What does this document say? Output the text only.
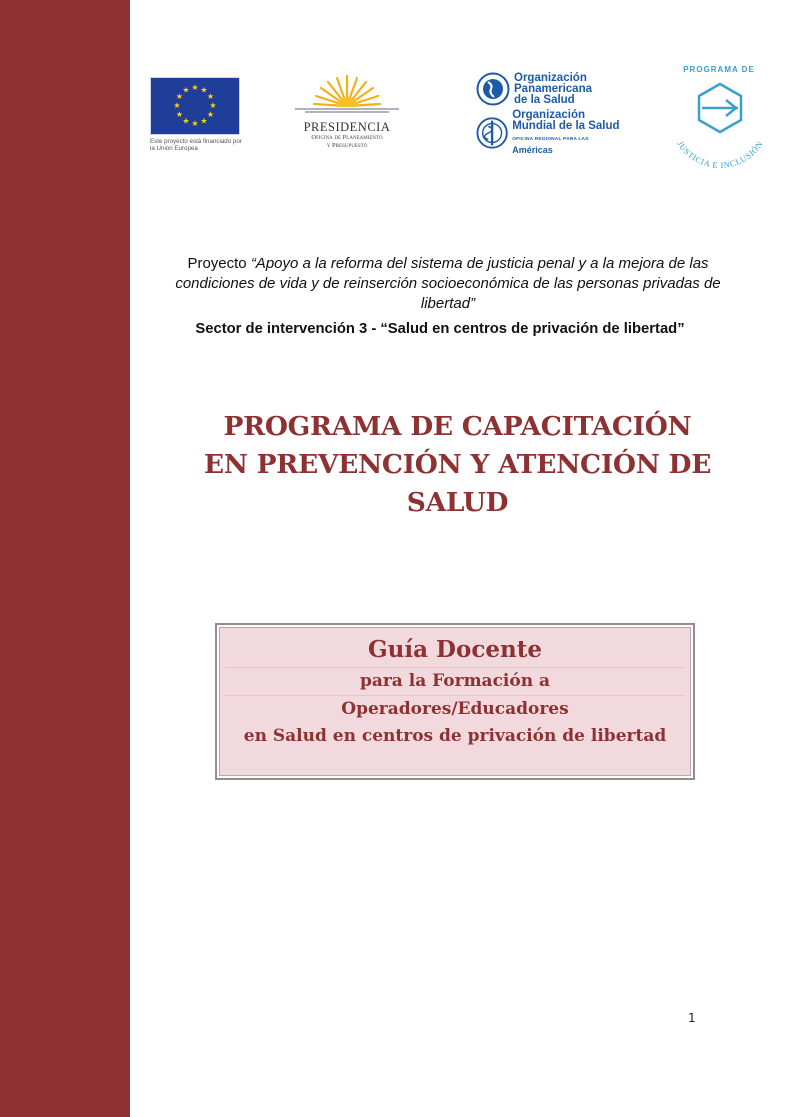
★ ★
★
★
★
★
★
★
★
★
★
★
Este proyecto está financiado por la Unión Europea
PRESIDENCIA
Oficina de Planeamiento
y Presupuesto
Organización
Panamericana
de la Salud
Organización
Mundial de la Salud
OFICINA REGIONAL PARA LAS Américas
PROGRAMA DE
JUSTICIA E INCLUSIÓN
Proyecto “Apoyo a la reforma del sistema de justicia penal y a la mejora de las condiciones de vida y de reinserción socioeconómica de las personas privadas de libertad”
Sector de intervención 3 - “Salud en centros de privación de libertad”
PROGRAMA DE CAPACITACIÓN
EN PREVENCIÓN Y ATENCIÓN DE
SALUD
Guía Docente
para la Formación a
Operadores/Educadores
en Salud en centros de privación de libertad
1
